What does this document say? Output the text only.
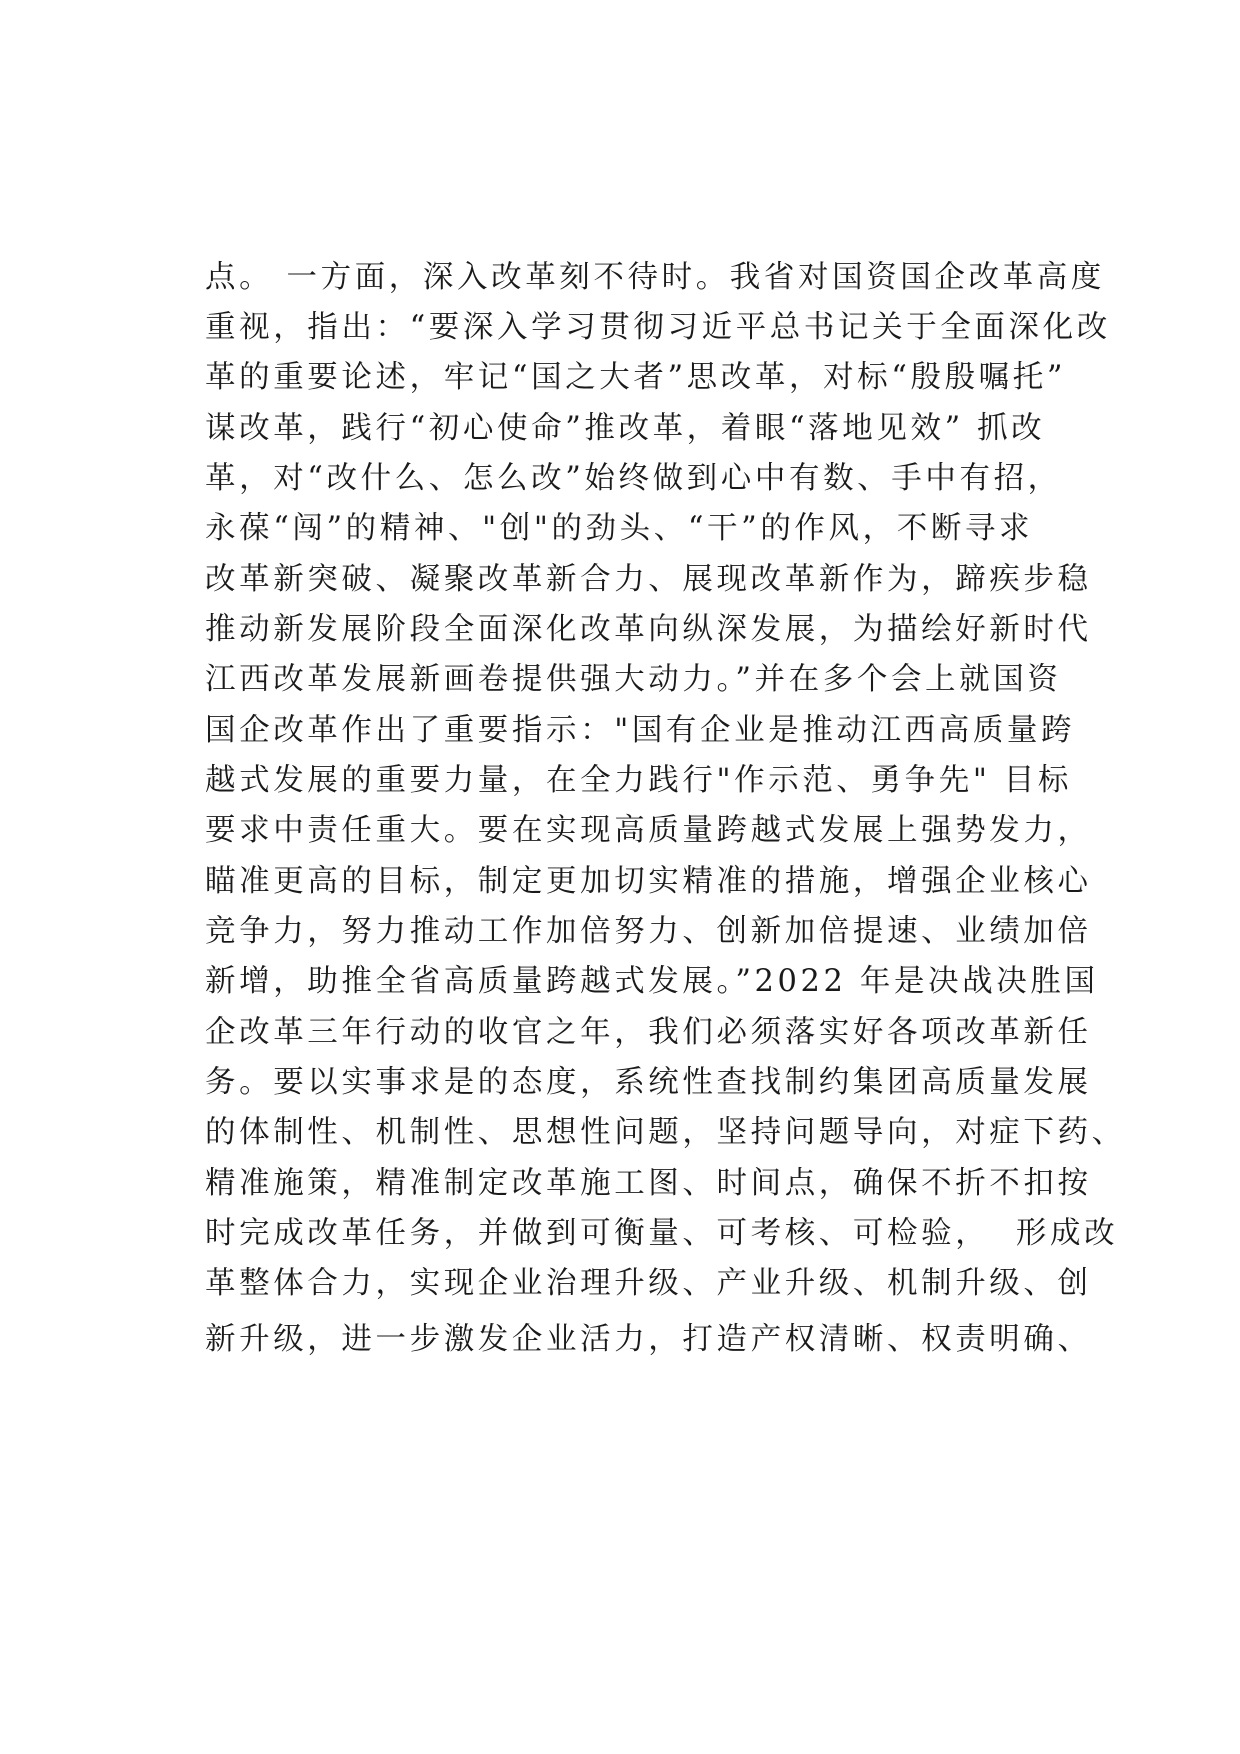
点。 一方面，深入改革刻不待时。我省对国资国企改革高度
重视，指出：“要深入学习贯彻习近平总书记关于全面深化改
革的重要论述，牢记“国之大者”思改革，对标“殷殷嘱托”
谋改革，践行“初心使命”推改革，着眼“落地见效” 抓改
革，对“改什么、怎么改”始终做到心中有数、手中有招，
永葆“闯”的精神、"创"的劲头、“干”的作风，不断寻求
改革新突破、凝聚改革新合力、展现改革新作为，蹄疾步稳
推动新发展阶段全面深化改革向纵深发展，为描绘好新时代
江西改革发展新画卷提供强大动力。”并在多个会上就国资
国企改革作出了重要指示："国有企业是推动江西高质量跨
越式发展的重要力量，在全力践行"作示范、勇争先" 目标
要求中责任重大。要在实现高质量跨越式发展上强势发力，
瞄准更高的目标，制定更加切实精准的措施，增强企业核心
竞争力，努力推动工作加倍努力、创新加倍提速、业绩加倍
新增，助推全省高质量跨越式发展。”2022 年是决战决胜国
企改革三年行动的收官之年，我们必须落实好各项改革新任
务。要以实事求是的态度，系统性查找制约集团高质量发展
的体制性、机制性、思想性问题，坚持问题导向，对症下药、
精准施策，精准制定改革施工图、时间点，确保不折不扣按
时完成改革任务，并做到可衡量、可考核、可检验，  形成改
革整体合力，实现企业治理升级、产业升级、机制升级、创
新升级，进一步激发企业活力，打造产权清晰、权责明确、
